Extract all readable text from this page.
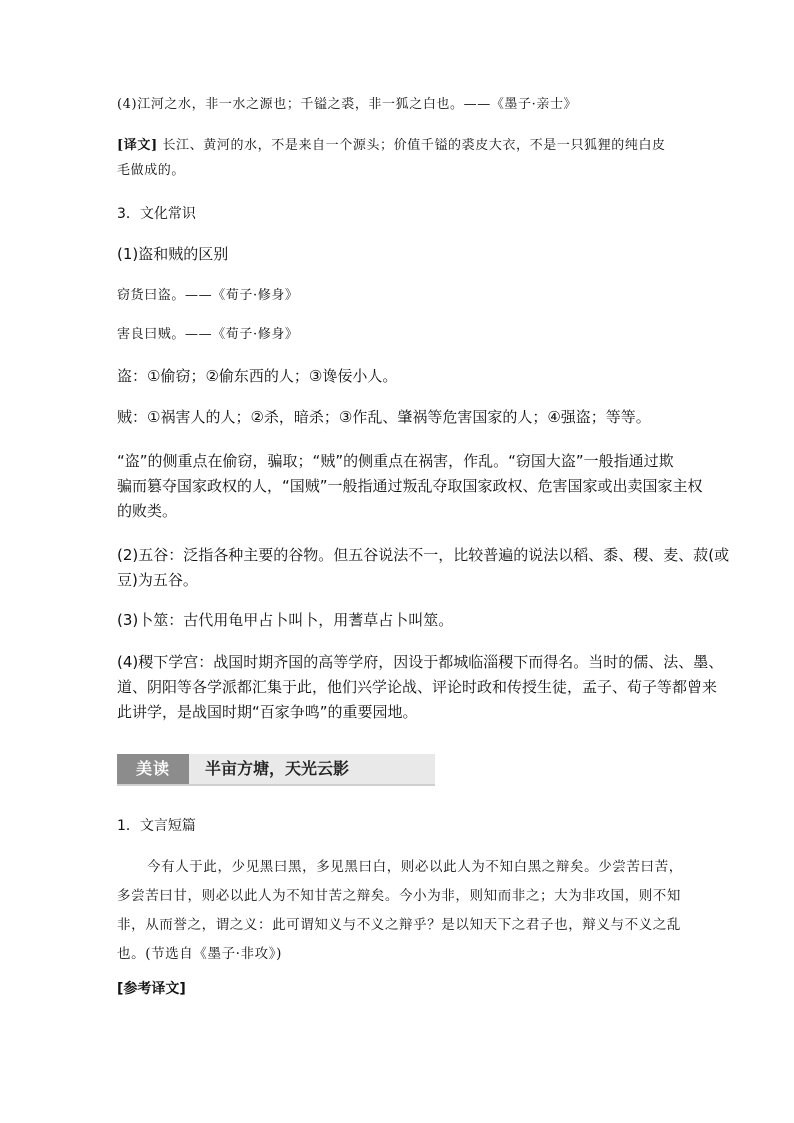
(4)江河之水，非一水之源也；千镒之裘，非一狐之白也。——《墨子·亲士》
[译文] 长江、黄河的水，不是来自一个源头；价值千镒的裘皮大衣，不是一只狐狸的纯白皮
毛做成的。
3．文化常识
(1)盗和贼的区别
窃货曰盗。——《荀子·修身》
害良曰贼。——《荀子·修身》
盗：①偷窃；②偷东西的人；③谗佞小人。
贼：①祸害人的人；②杀，暗杀；③作乱、肇祸等危害国家的人；④强盗；等等。
“盗”的侧重点在偷窃，骗取；“贼”的侧重点在祸害，作乱。“窃国大盗”一般指通过欺
骗而篡夺国家政权的人，“国贼”一般指通过叛乱夺取国家政权、危害国家或出卖国家主权
的败类。
(2)五谷：泛指各种主要的谷物。但五谷说法不一，比较普遍的说法以稻、黍、稷、麦、菽(或
豆)为五谷。
(3)卜筮：古代用龟甲占卜叫卜，用蓍草占卜叫筮。
(4)稷下学宫：战国时期齐国的高等学府，因设于都城临淄稷下而得名。当时的儒、法、墨、
道、阴阳等各学派都汇集于此，他们兴学论战、评论时政和传授生徒，孟子、荀子等都曾来
此讲学，是战国时期“百家争鸣”的重要园地。
美读	半亩方塘，天光云影
1．文言短篇
今有人于此，少见黑曰黑，多见黑曰白，则必以此人为不知白黑之辩矣。少尝苦曰苦，
多尝苦曰甘，则必以此人为不知甘苦之辩矣。今小为非，则知而非之；大为非攻国，则不知
非，从而誉之，谓之义：此可谓知义与不义之辩乎？是以知天下之君子也，辩义与不义之乱
也。(节选自《墨子·非攻》)
[参考译文]
